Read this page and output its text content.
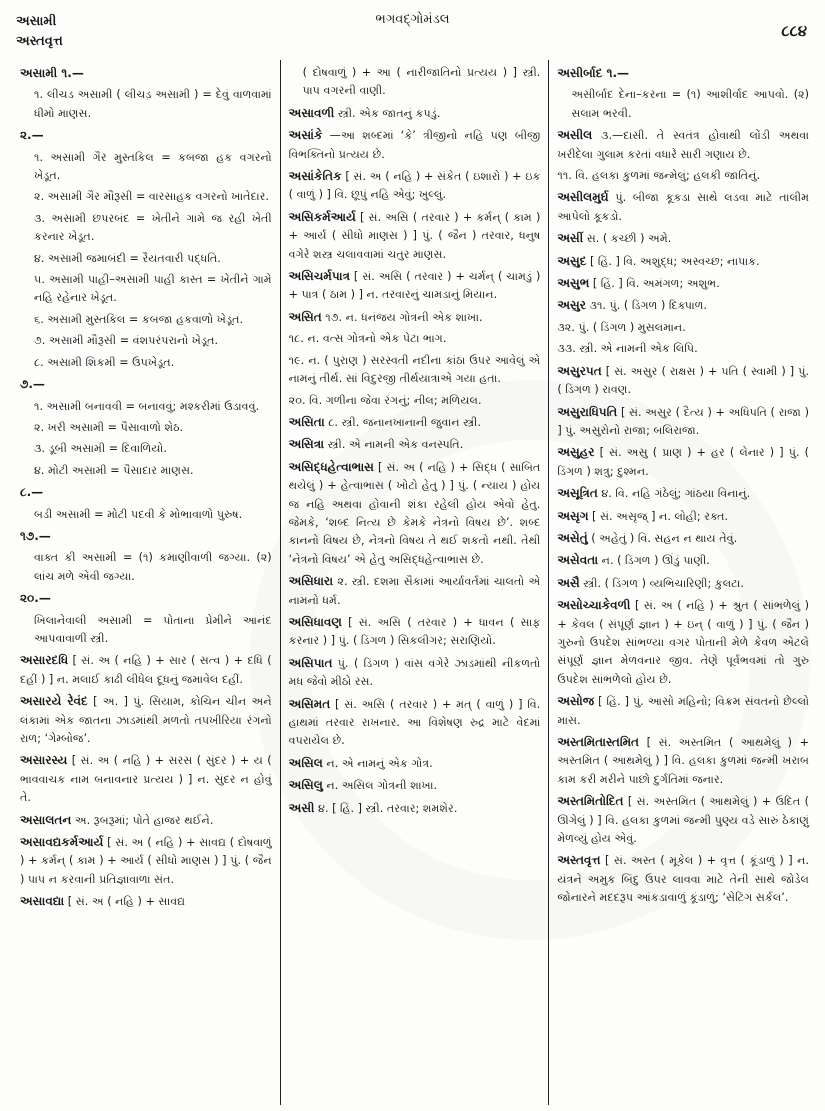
અસામી
અસ્તવૃત્ત
ભગવદ્ગોમંડલ
૮૮૪
અસામી ૧.—
૧. લીચડ અસામી ( લીચડ઼ અસામી ) = દેવું વાળવામાં ધીમો માણસ.
૨.—
૧. અસામી ગૈર મુસ્તકિલ = કબજા હક વગરનો ખેડૂત.
૨. અસામી ગૈર મૌરૂસી = વારસાહક વગરનો ખાતેદાર.
૩. અસામી છપરબંદ = ખેતીને ગામે જ રહી ખેતી કરનાર ખેડૂત.
૪. અસામી જમાબંદી = રૈયતવારી પદ્ધતિ.
૫. અસામી પાહી–અસામી પાહી કાસ્ત = ખેતીને ગામે નહિ રહેનાર ખેડૂત.
૬. અસામી મુસ્તકિલ = કબજા હકવાળો ખેડૂત.
૭. અસામી મૌરૂસી = વંશપરંપરાનો ખેડૂત.
૮. અસામી શિકમી = ઉપખેડૂત.
૭.—
૧. અસામી બનાવવી = બનાવવું; મશ્કરીમાં ઉડાવવું.
૨. ખરી અસામી = પૈસાવાળો શેઠ.
૩. ડૂબી અસામી = દિવાળિયો.
૪. મોટી અસામી = પૈસાદાર માણસ.
૮.—
બડી અસામી = મોટી પદવી કે મોભાવાળો પુરુષ.
૧૭.—
વાક્ત કી અસામી = (૧) કમાણીવાળી જગ્યા. (૨) લાંચ મળે એવી જગ્યા.
૨૦.—
ખિલાનેવાલી અસામી = પોતાના પ્રેમીને આનંદ આપવાવાળી સ્ત્રી.
અસારદધિ [ સં. અ ( નહિ ) + સાર ( સત્વ ) + દધિ ( દહીં ) ] ન. મલાઈ કાઢી લીધેલ દૂધનું જમાવેલ દહીં.
અસારયે રેવંદ [ અ. ] પું. સિયામ, કોચિન ચીન અને લંકામાં એક જાતના ઝાડમાંથી મળતો તપખીરિયા રંગનો રાળ; ‘ગેમ્બોજ’.
અસારસ્ય [ સં. અ ( નહિ ) + સરસ ( સુંદર ) + ય ( ભાવવાચક નામ બનાવનાર પ્રત્યય ) ] ન. સુંદર ન હોવું તે.
અસાલતન અ. રૂબરૂમાં; પોતે હાજર થઈને.
અસાવદ્યકર્મઆર્ય [ સં. અ ( નહિ ) + સાવદ્ય ( દોષવાળું ) + કર્મન્ ( કામ ) + આર્ય ( સીધો માણસ ) ] પું. ( જૈન ) પાપ ન કરવાની પ્રતિજ્ઞાવાળા સંત.
અસાવદ્યા [ સં. અ ( નહિ ) + સાવદ્ય
( દોષવાળું ) + આ ( નારીજાતિનો પ્રત્યય ) ] સ્ત્રી. પાપ વગરની વાણી.
અસાવળી સ્ત્રી. એક જાતનું કપડું.
અસાંકે —આ શબ્દમાં ‘કે’ ત્રીજીનો નહિ પણ બીજી વિભક્તિનો પ્રત્યય છે.
અસાંકેતિક [ સં. અ ( નહિ ) + સંકેત ( ઇશારો ) + ઇક ( વાળું ) ] વિ. છૂપું નહિ એવું; ખુલ્લું.
અસિકર્મઆર્ય [ સં. અસિ ( તરવાર ) + કર્મન્ ( કામ ) + આર્ય ( સીધો માણસ ) ] પું. ( જૈન ) તરવાર, ધનુષ વગેરે શસ્ત્ર ચલાવવામાં ચતુર માણસ.
અસિચર્મપાત્ર [ સં. અસિ ( તરવાર ) + ચર્મન્ ( ચામડું ) + પાત્ર ( ઠામ ) ] ન. તરવારનું ચામડાનું મિયાન.
અસિત ૧૭. ન. ધનંજય ગોત્રની એક શાખા.
૧૮. ન. વત્સ ગોત્રનો એક પેટા ભાગ.
૧૯. ન. ( પુરાણ ) સરસ્વતી નદીના કાંઠા ઉપર આવેલું એ નામનું તીર્થ. સાં વિદુરજી તીર્થયાત્રાએ ગયા હતા.
૨૦. વિ. ગળીના જેવા રંગનું; નીલ; મળિયલ.
અસિતા ૮. સ્ત્રી. જનાનખાનાની જુવાન સ્ત્રી.
અસિત્રા સ્ત્રી. એ નામની એક વનસ્પતિ.
અસિદ્ધહેત્વાભાસ [ સં. અ ( નહિ ) + સિદ્ધ ( સાબિત થયેલું ) + હેત્વાભાસ ( ખોટો હેતુ ) ] પું. ( ન્યાય ) હોય જ નહિ અથવા હોવાની શંકા રહેલી હોય એવો હેતુ. જેમકે, ‘શબ્દ નિત્ય છે કેમકે નેત્રનો વિષય છે’. શબ્દ કાનનો વિષય છે, નેત્રનો વિષય તે થઈ શકતો નથી. તેથી ‘નેત્રનો વિષય’ એ હેતુ અસિદ્ધહેત્વાભાસ છે.
અસિધારા ૨. સ્ત્રી. દશમા સૈકામાં આર્યાવર્તમાં ચાલતો એ નામનો ધર્મ.
અસિધાવણ [ સં. અસિ ( તરવાર ) + ધાવન ( સાફ કરનાર ) ] પું. ( ડિંગળ ) સિકલીગર; સરાણિયો.
અસિપાત પું. ( ડિંગળ ) વાંસ વગેરે ઝાડમાંથી નીકળતો મધ જેવો મીઠો રસ.
અસિમત [ સં. અસિ ( તરવાર ) + મત્ ( વાળું ) ] વિ. હાથમાં તરવાર રાખનાર. આ વિશેષણ રુદ્ર માટે વેદમાં વપરાયેલ છે.
અસિલ ન. એ નામનું એક ગોત્ર.
અસિલુ ન. અસિલ ગોત્રની શાખા.
અસી ૪. [ હિં. ] સ્ત્રી. તરવાર; શમશેર.
અસીર્બાદ ૧.—
અસીર્બાદ દેના–કરના = (૧) આશીર્વાદ આપવો. (૨) સલામ ભરવી.
અસીલ ૩.—દાસી. તે સ્વતંત્ર હોવાથી લોંડી અથવા ખરીદેલા ગુલામ કરતાં વધારે સારી ગણાય છે.
૧૧. વિ. હલકા કુળમાં જન્મેલું; હલકી જાતિનું.
અસીલમુર્ઘ પું. બીજા કૂકડા સાથે લડવા માટે તાલીમ આપેલો કૂકડો.
અસીં સ. ( કચ્છી ) અમે.
અસુદ [ હિં. ] વિ. અશુદ્ધ; અસ્વચ્છ; નાપાક.
અસુભ [ હિં. ] વિ. અમંગળ; અશુભ.
અસુર ૩૧. પું. ( ડિંગળ ) દિક્પાળ.
૩૨. પું. ( ડિંગળ ) મુસલમાન.
૩૩. સ્ત્રી. એ નામની એક લિપિ.
અસુરપત [ સં. અસુર ( રાક્ષસ ) + પતિ ( સ્વામી ) ] પું. ( ડિંગળ ) રાવણ.
અસુરાધિપતિ [ સં. અસુર ( દૈત્ય ) + અધિપતિ ( રાજા ) ] પું. અસુરોનો રાજા; બલિરાજા.
અસુહર [ સં. અસુ ( પ્રાણ ) + હર ( લેનાર ) ] પું. ( ડિંગળ ) શત્રુ; દુશ્મન.
અસૂત્રિત ૪. વિ. નહિ ગંઠેલું; ગાંઠયા વિનાનું.
અસૃગ [ સં. અસૃજ્ ] ન. લોહી; રક્ત.
અસેતું ( અહેતું ) વિ. સહન ન થાય તેવું.
અસેવતા ન. ( ડિંગળ ) ઊંડું પાણી.
અસૈ સ્ત્રી. ( ડિંગળ ) વ્યભિચારિણી; કુલટા.
અસોચ્ચાકેવળી [ સં. અ ( નહિ ) + શ્રુત ( સાંભળેલું ) + કેવલ ( સંપૂર્ણ જ્ઞાન ) + ઇન્ ( વાળું ) ] પું. ( જૈન ) ગુરુનો ઉપદેશ સાંભળ્યા વગર પોતાની મેળે કેવળ એટલે સંપૂર્ણ જ્ઞાન મેળવનાર જીવ. તેણે પૂર્વભવમાં તો ગુરુ ઉપદેશ સાંભળેલો હોય છે.
અસોજ [ હિં. ] પું. આસો મહિનો; વિક્રમ સંવતનો છેલ્લો માસ.
અસ્તમિતાસ્તમિત [ સં. અસ્તમિત ( આથમેલું ) + અસ્તમિત ( આથમેલું ) ] વિ. હલકા કુળમાં જન્મી ખરાબ કામ કરી મરીને પાછો દુર્ગતિમાં જનાર.
અસ્તમિતોદિત [ સં. અસ્તમિત ( આથમેલું ) + ઉદિત ( ઊગેલું ) ] વિ. હલકા કુળમાં જન્મી પુણ્ય વડે સારું ઠેકાણું મેળવ્યું હોય એવું.
અસ્તવૃત્ત [ સં. અસ્ત ( મૂકેલ ) + વૃત્ત ( કૂંડાળું ) ] ન. યંત્રને અમુક બિંદુ ઉપર લાવવા માટે તેની સાથે જોડેલ જોનારને મદદરૂપ આંકડાવાળું કૂંડાળું; ‘સેટિંગ સર્કલ’.
